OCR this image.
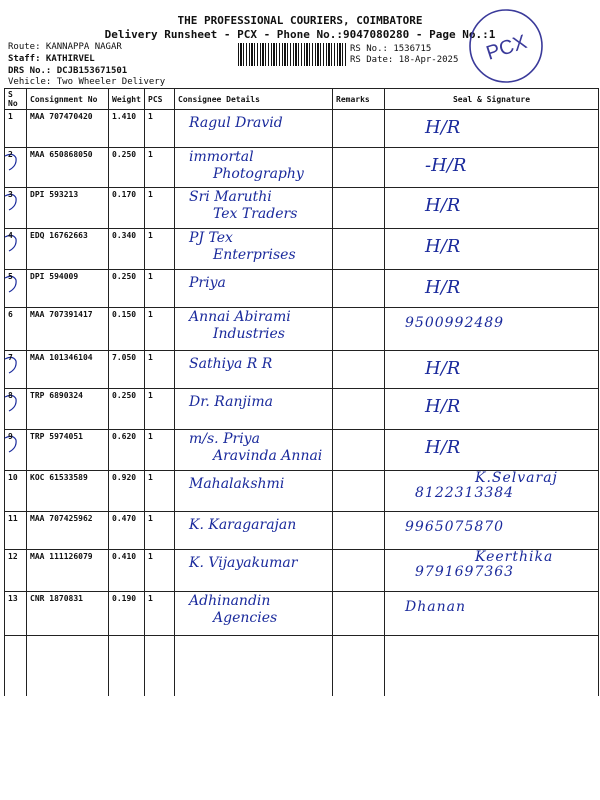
THE PROFESSIONAL COURIERS, COIMBATORE
Delivery Runsheet - PCX - Phone No.:9047080280 - Page No.:1
Route: KANNAPPA NAGAR
Staff: KATHIRVEL
DRS No.: DCJB153671501
Vehicle: Two Wheeler Delivery
RS No.: 1536715
RS Date: 18-Apr-2025 PCX
S No	Consignment No	Weight	PCS	Consignee Details	Remarks	Seal & Signature
1	MAA 707470420	1.410	1	Ragul Dravid		H/R

2	MAA 650868050	0.250	1	immortal
Photography		-H/R

3	DPI 593213	0.170	1	Sri Maruthi
Tex Traders		H/R

4	EDQ 16762663	0.340	1	PJ Tex
Enterprises		H/R

5	DPI 594009	0.250	1	Priya		H/R

6	MAA 707391417	0.150	1	Annai Abirami
Industries		9500992489

7	MAA 101346104	7.050	1	Sathiya R R		H/R

8	TRP 6890324	0.250	1	Dr. Ranjima		H/R

9	TRP 5974051	0.620	1	m/s. Priya
Aravinda Annai		H/R

10	KOC 61533589	0.920	1	Mahalakshmi		K.Selvaraj
8122313384

11	MAA 707425962	0.470	1	K. Karagarajan		9965075870

12	MAA 111126079	0.410	1	K. Vijayakumar		Keerthika
9791697363

13	CNR 1870831	0.190	1	Adhinandin
Agencies		Dhanan
